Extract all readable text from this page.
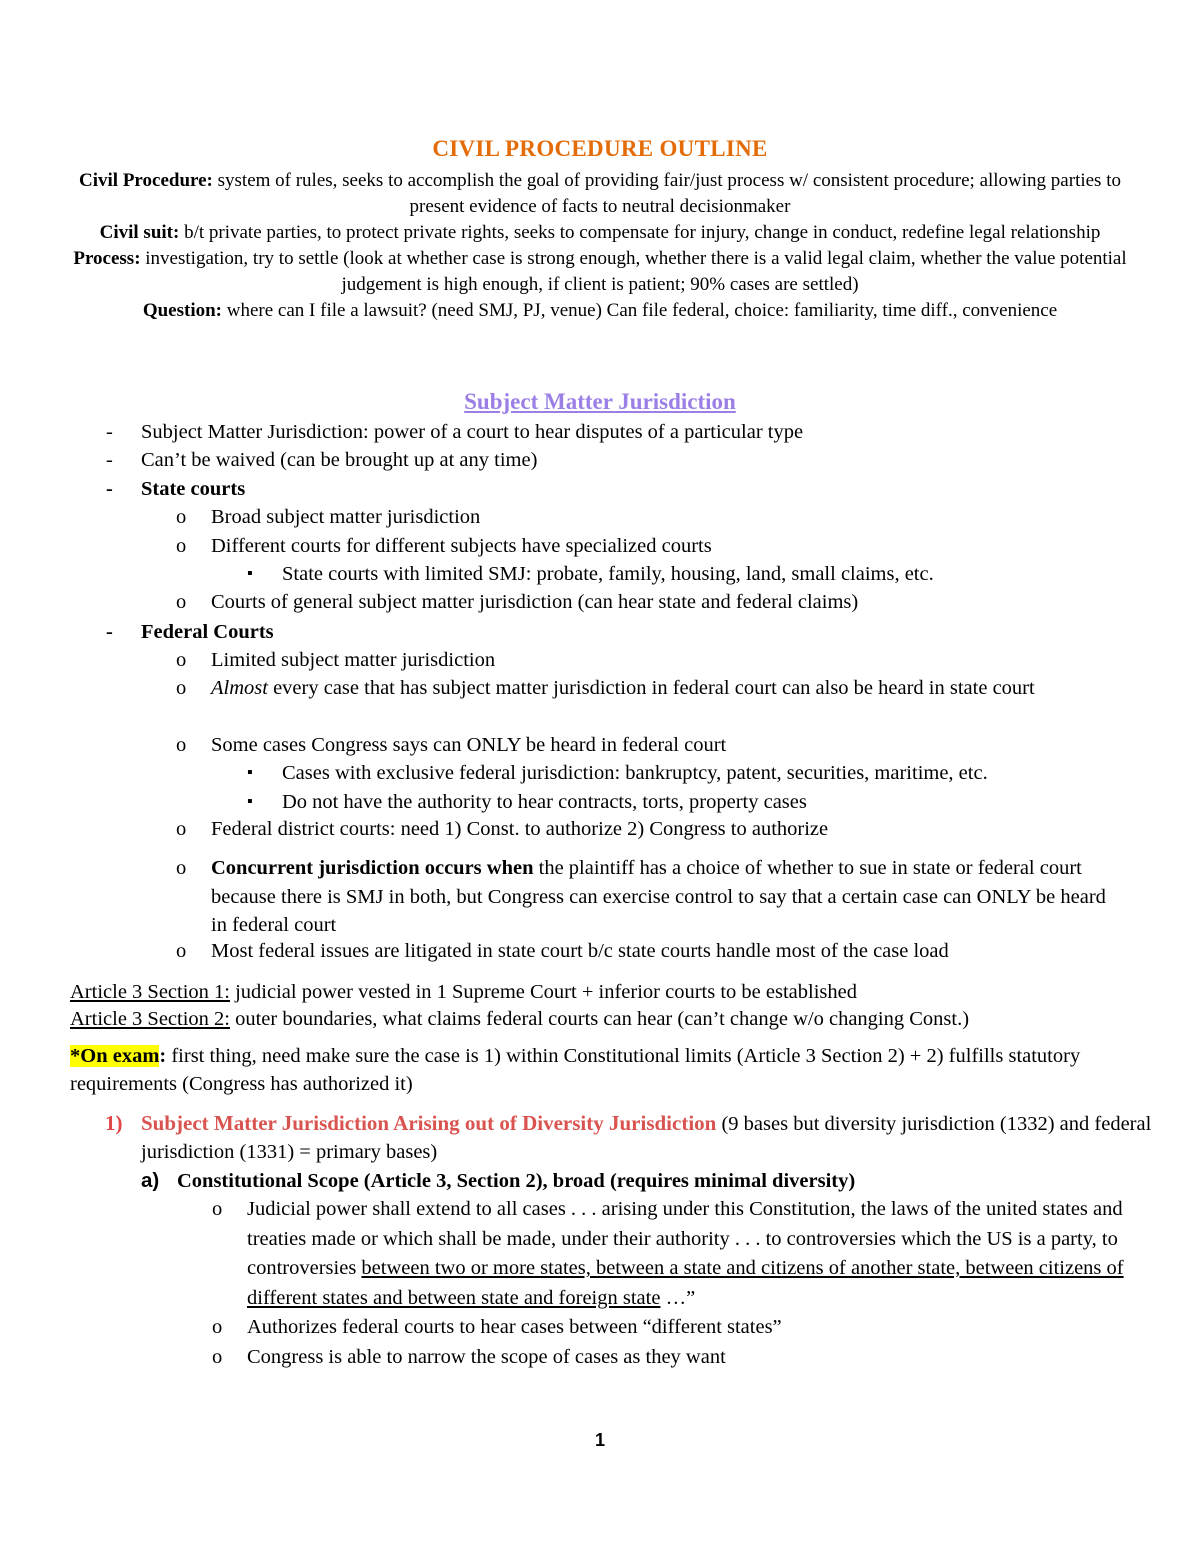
CIVIL PROCEDURE OUTLINE

Civil Procedure: system of rules, seeks to accomplish the goal of providing fair/just process w/ consistent procedure; allowing parties to present evidence of facts to neutral decisionmaker

Civil suit: b/t private parties, to protect private rights, seeks to compensate for injury, change in conduct, redefine legal relationship

Process: investigation, try to settle (look at whether case is strong enough, whether there is a valid legal claim, whether the value potential judgement is high enough, if client is patient; 90% cases are settled)

Question: where can I file a lawsuit? (need SMJ, PJ, venue) Can file federal, choice: familiarity, time diff., convenience

Subject Matter Jurisdiction
- Subject Matter Jurisdiction: power of a court to hear disputes of a particular type
- Can’t be waived (can be brought up at any time)
- State courts
o Broad subject matter jurisdiction
o Different courts for different subjects have specialized courts
▪ State courts with limited SMJ: probate, family, housing, land, small claims, etc.
o Courts of general subject matter jurisdiction (can hear state and federal claims)
- Federal Courts
o Limited subject matter jurisdiction
o Almost every case that has subject matter jurisdiction in federal court can also be heard in state court
o Some cases Congress says can ONLY be heard in federal court
▪ Cases with exclusive federal jurisdiction: bankruptcy, patent, securities, maritime, etc.
▪ Do not have the authority to hear contracts, torts, property cases
o Federal district courts: need 1) Const. to authorize 2) Congress to authorize
o Concurrent jurisdiction occurs when the plaintiff has a choice of whether to sue in state or federal court because there is SMJ in both, but Congress can exercise control to say that a certain case can ONLY be heard in federal court
o Most federal issues are litigated in state court b/c state courts handle most of the case load
Article 3 Section 1: judicial power vested in 1 Supreme Court + inferior courts to be established
Article 3 Section 2: outer boundaries, what claims federal courts can hear (can’t change w/o changing Const.)
*On exam: first thing, need make sure the case is 1) within Constitutional limits (Article 3 Section 2) + 2) fulfills statutory requirements (Congress has authorized it)
1) Subject Matter Jurisdiction Arising out of Diversity Jurisdiction (9 bases but diversity jurisdiction (1332) and federal jurisdiction (1331) = primary bases)
a) Constitutional Scope (Article 3, Section 2), broad (requires minimal diversity)
o Judicial power shall extend to all cases . . . arising under this Constitution, the laws of the united states and treaties made or which shall be made, under their authority . . . to controversies which the US is a party, to controversies between two or more states, between a state and citizens of another state, between citizens of different states and between state and foreign state …”
o Authorizes federal courts to hear cases between “different states”
o Congress is able to narrow the scope of cases as they want
1
